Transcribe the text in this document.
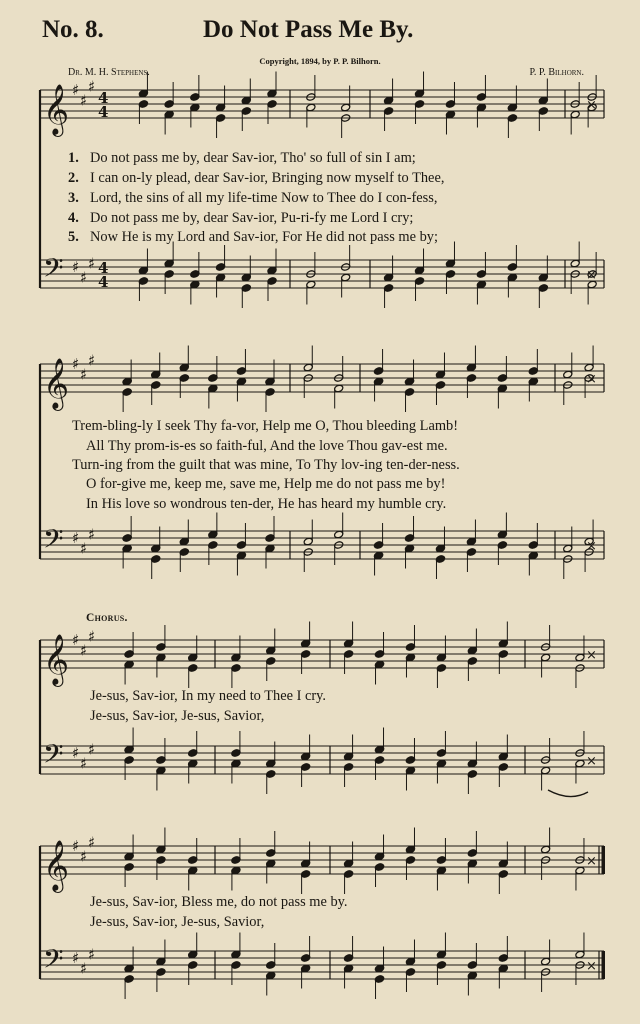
No. 8.	Do Not Pass Me By.
Copyright, 1894, by P. P. Bilhorn.
Dr. M. H. Stephens.	P. P. Bilhorn.
𝄞 ♯
♯
♯
4
4	×
𝄢 ♯
♯
♯ 4
4	×
𝄞 ♯
♯
♯
×
𝄢 ♯
♯
♯
×
𝄞 ♯
♯
♯
×
𝄢 ♯
♯
♯
×
𝄞 ♯
♯
♯
×
𝄢 ♯
♯
♯
×
1. Do not pass me by, dear Sav-ior, Tho' so full of sin I am;
2. I can on-ly plead, dear Sav-ior, Bringing now myself to Thee,
3. Lord, the sins of all my life-time Now to Thee do I con-fess,
4. Do not pass me by, dear Sav-ior, Pu-ri-fy me Lord I cry;
5. Now He is my Lord and Sav-ior, For He did not pass me by;
Trem-bling-ly I seek Thy fa-vor, Help me O, Thou bleeding Lamb!
All Thy prom-is-es so faith-ful, And the love Thou gav-est me.
Turn-ing from the guilt that was mine, To Thy lov-ing ten-der-ness.
O for-give me, keep me, save me, Help me do not pass me by!
In His love so wondrous ten-der, He has heard my humble cry.
Chorus.
Je-sus, Sav-ior, In my need to Thee I cry.
Je-sus, Sav-ior, Je-sus, Savior,
Je-sus, Sav-ior, Bless me, do not pass me by.
Je-sus, Sav-ior, Je-sus, Savior,
